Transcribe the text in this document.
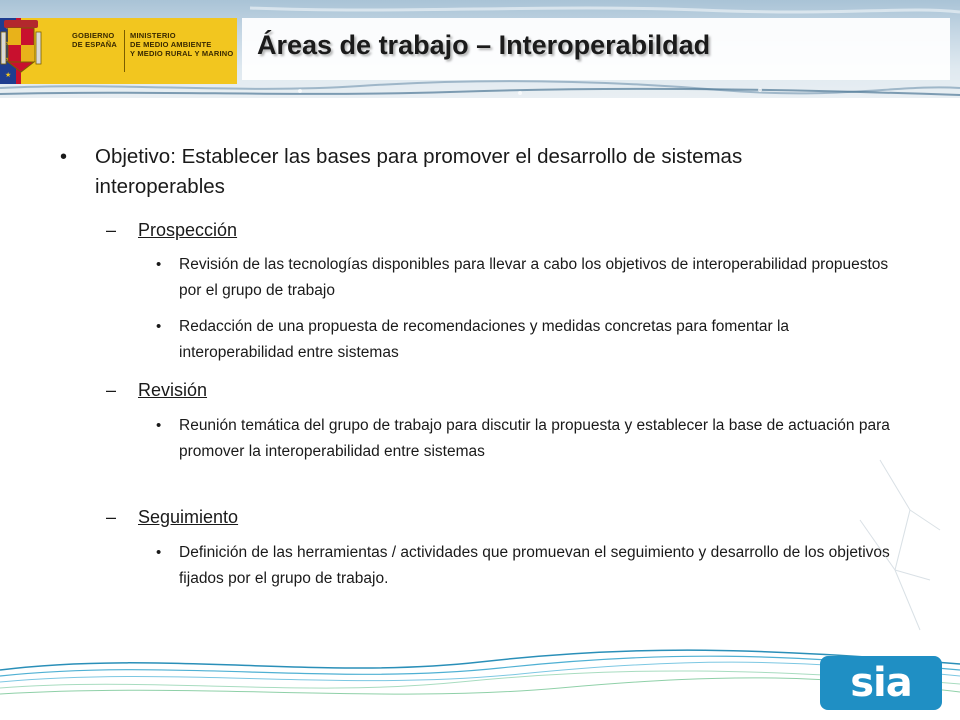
★
GOBIERNO
DE ESPAÑA
MINISTERIO
DE MEDIO AMBIENTE
Y MEDIO RURAL Y MARINO Áreas de trabajo – Interoperabildad
• Objetivo: Establecer las bases para promover el desarrollo de sistemas interoperables
– Prospección
• Revisión de las tecnologías disponibles para llevar a cabo los objetivos de interoperabilidad propuestos por el grupo de trabajo
• Redacción de una propuesta de recomendaciones y medidas concretas para fomentar la interoperabilidad entre sistemas
– Revisión
• Reunión temática del grupo de trabajo para discutir la propuesta y establecer la base de actuación para promover la interoperabilidad entre sistemas
– Seguimiento
• Definición de las herramientas / actividades que promuevan el seguimiento y desarrollo de los objetivos fijados por el grupo de trabajo.
sia
